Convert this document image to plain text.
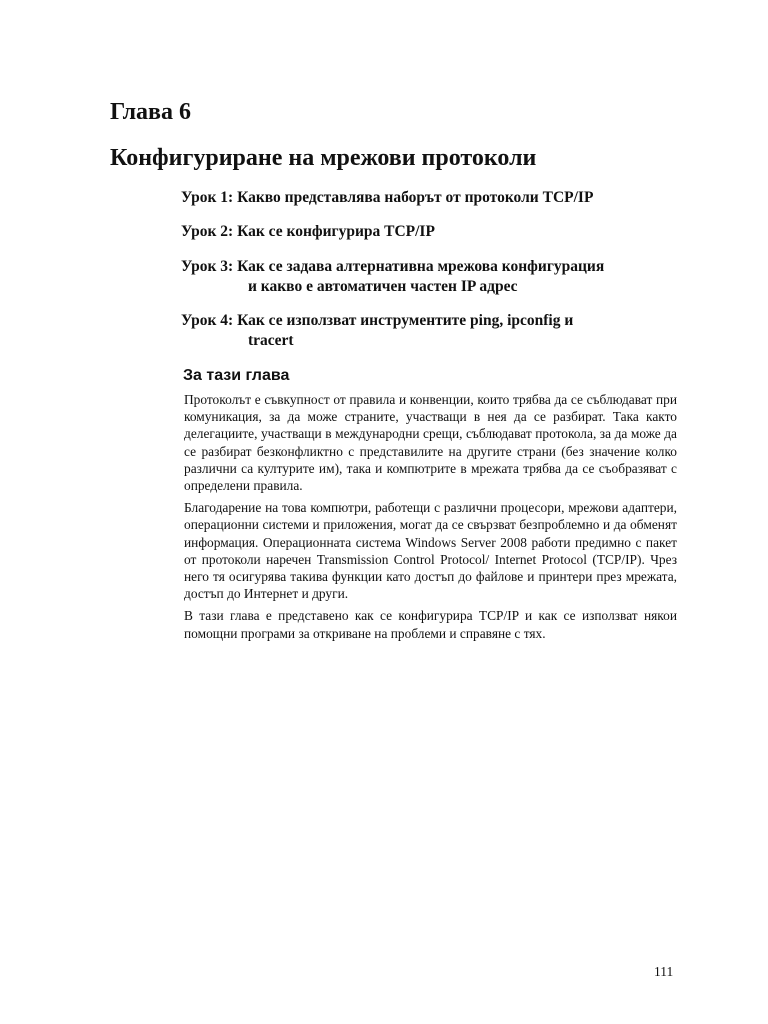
Глава 6
Конфигуриране на мрежови протоколи

Урок 1: Какво представлява наборът от протоколи TCP/IP

Урок 2: Как се конфигурира TCP/IP

Урок 3: Как се задава алтернативна мрежова конфигурация
и какво е автоматичен частен IP адрес

Урок 4: Как се използват инструментите ping, ipconfig и
tracert

За тази глава

Протоколът е съвкупност от правила и конвенции, които трябва да се съблюдават при комуникация, за да може страните, участващи в нея да се разбират. Така както делегациите, участващи в международни срещи, съблюдават протокола, за да може да се разбират безконфликтно с представилите на другите страни (без значение колко различни са културите им), така и компютрите в мрежата трябва да се съобразяват с определени правила.

Благодарение на това компютри, работещи с различни процесори, мрежови адаптери, операционни системи и приложения, могат да се свързват безпроблемно и да обменят информация. Операционната система Windows Server 2008 работи предимно с пакет от протоколи наречен Transmission Control Protocol/ Internet Protocol (TCP/IP). Чрез него тя осигурява такива функции като достъп до файлове и принтери през мрежата, достъп до Интернет и други.

В тази глава е представено как се конфигурира TCP/IP и как се използват някои помощни програми за откриване на проблеми и справяне с тях.

111
